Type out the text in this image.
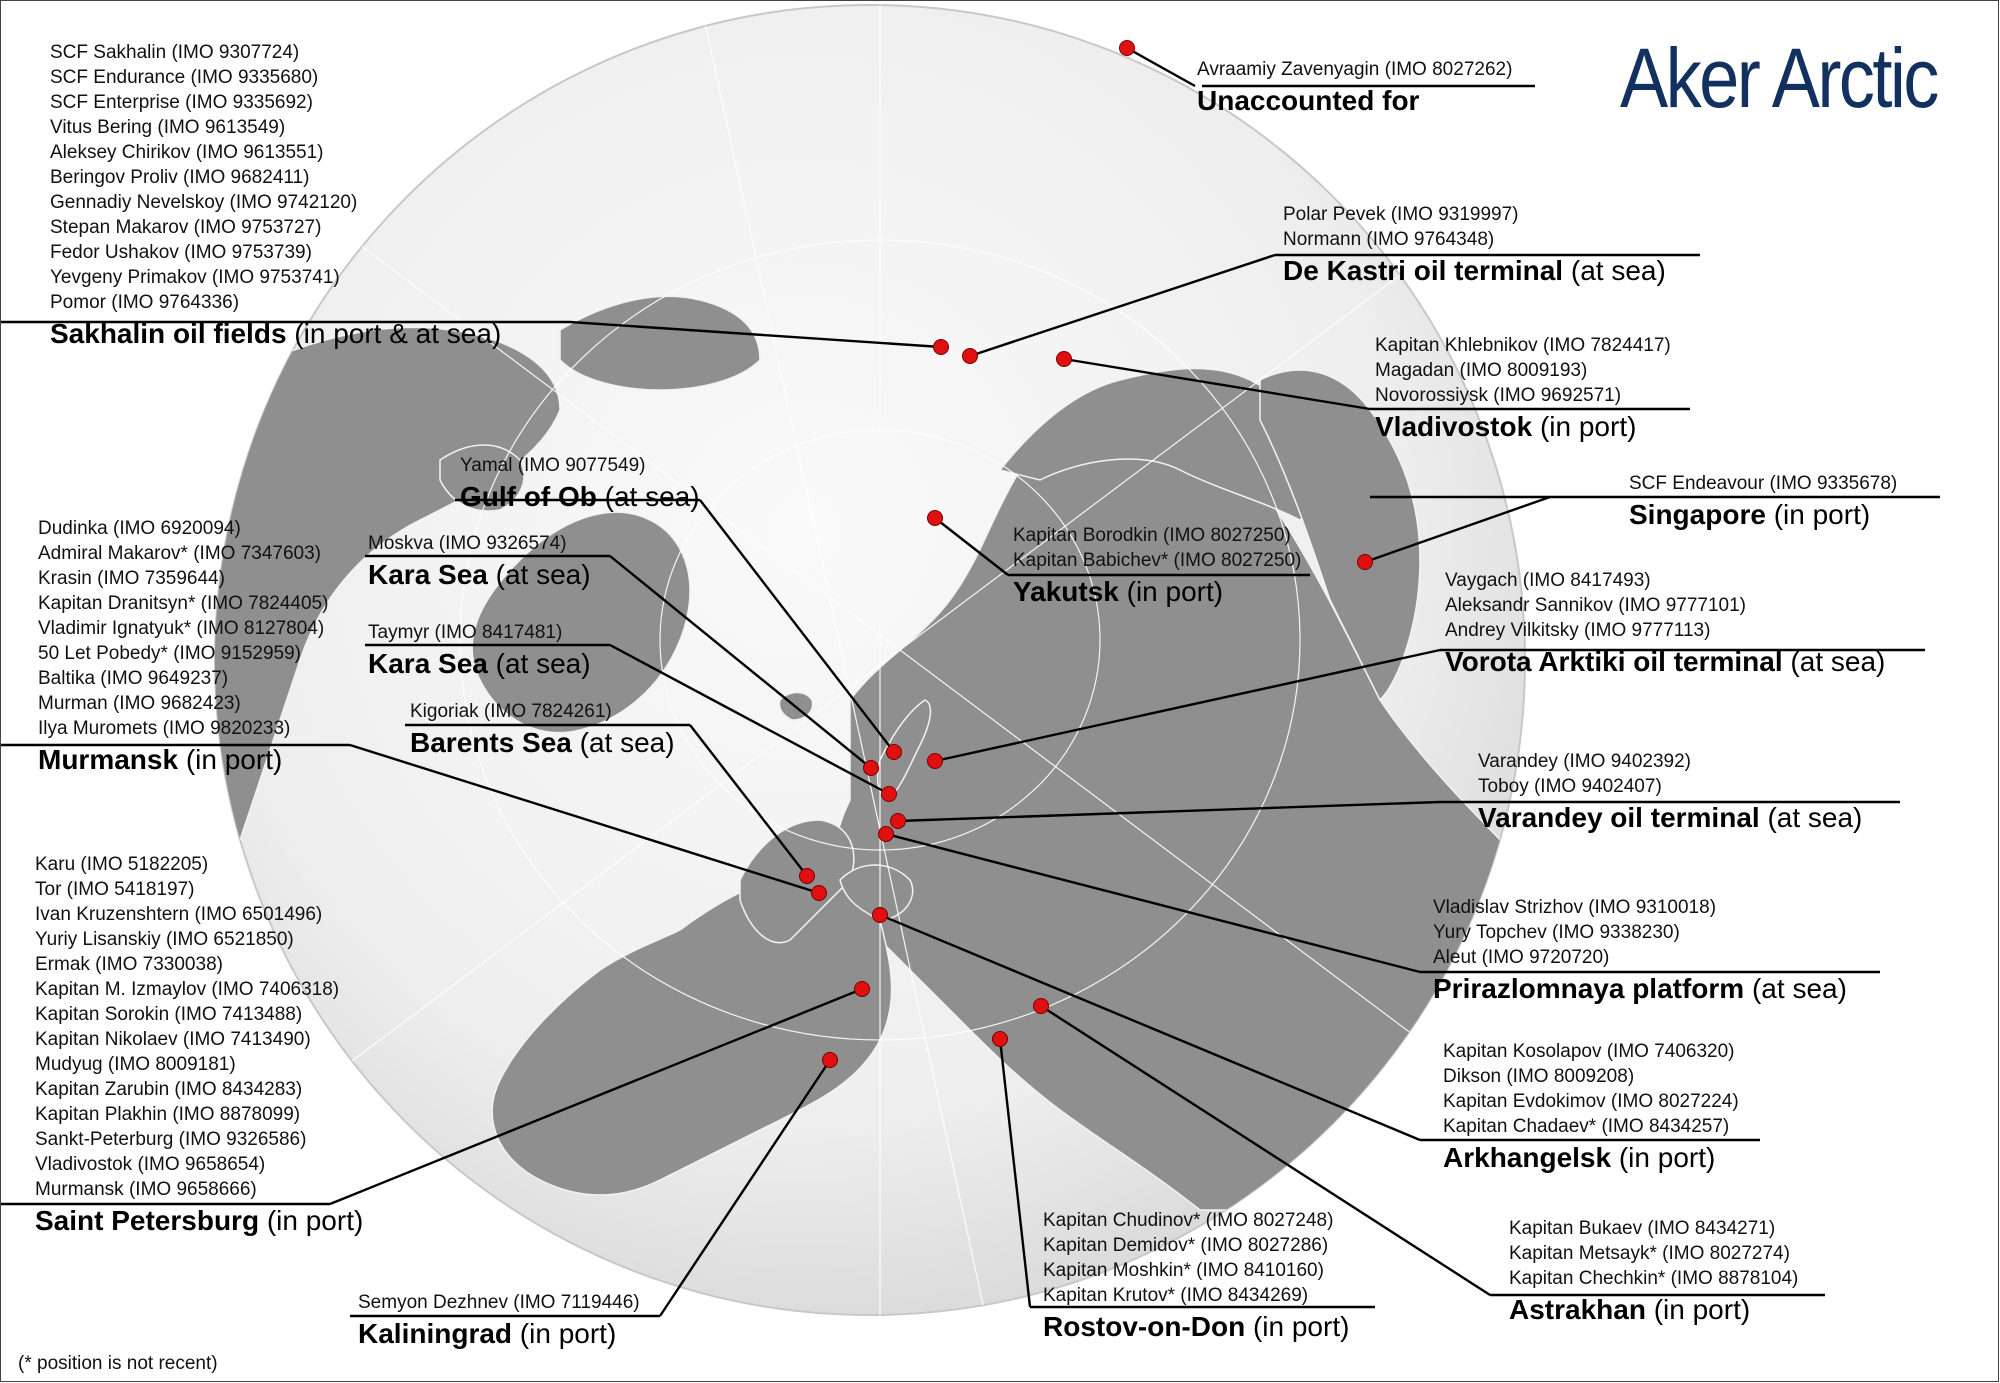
Aker Arctic
(* position is not recent)
Avraamiy Zavenyagin (IMO 8027262)
Unaccounted for
SCF Sakhalin (IMO 9307724)
SCF Endurance (IMO 9335680)
SCF Enterprise (IMO 9335692)
Vitus Bering (IMO 9613549)
Aleksey Chirikov (IMO 9613551)
Beringov Proliv (IMO 9682411)
Gennadiy Nevelskoy (IMO 9742120)
Stepan Makarov (IMO 9753727)
Fedor Ushakov (IMO 9753739)
Yevgeny Primakov (IMO 9753741)
Pomor (IMO 9764336)
Sakhalin oil fields (in port & at sea)
Polar Pevek (IMO 9319997)
Normann (IMO 9764348)
De Kastri oil terminal (at sea)
Kapitan Khlebnikov (IMO 7824417)
Magadan (IMO 8009193)
Novorossiysk (IMO 9692571)
Vladivostok (in port)
Yamal (IMO 9077549)
Gulf of Ob (at sea)	SCF Endeavour (IMO 9335678)
Singapore (in port)
Moskva (IMO 9326574)
Kara Sea (at sea)
Kapitan Borodkin (IMO 8027250)
Kapitan Babichev* (IMO 8027250)
Yakutsk (in port)
Taymyr (IMO 8417481)
Kara Sea (at sea)
Vaygach (IMO 8417493)
Aleksandr Sannikov (IMO 9777101)
Andrey Vilkitsky (IMO 9777113)
Vorota Arktiki oil terminal (at sea)
Kigoriak (IMO 7824261)
Barents Sea (at sea)
Dudinka (IMO 6920094)
Admiral Makarov* (IMO 7347603)
Krasin (IMO 7359644)
Kapitan Dranitsyn* (IMO 7824405)
Vladimir Ignatyuk* (IMO 8127804)
50 Let Pobedy* (IMO 9152959)
Baltika (IMO 9649237)
Murman (IMO 9682423)
Ilya Muromets (IMO 9820233)
Murmansk (in port)	Varandey (IMO 9402392)
Toboy (IMO 9402407)
Varandey oil terminal (at sea)
Vladislav Strizhov (IMO 9310018)
Yury Topchev (IMO 9338230)
Aleut (IMO 9720720)
Prirazlomnaya platform (at sea)
Karu (IMO 5182205)
Tor (IMO 5418197)
Ivan Kruzenshtern (IMO 6501496)
Yuriy Lisanskiy (IMO 6521850)
Ermak (IMO 7330038)
Kapitan M. Izmaylov (IMO 7406318)
Kapitan Sorokin (IMO 7413488)
Kapitan Nikolaev (IMO 7413490)
Mudyug (IMO 8009181)
Kapitan Zarubin (IMO 8434283)
Kapitan Plakhin (IMO 8878099)
Sankt-Peterburg (IMO 9326586)
Vladivostok (IMO 9658654)
Murmansk (IMO 9658666)
Saint Petersburg (in port)
Kapitan Kosolapov (IMO 7406320)
Dikson (IMO 8009208)
Kapitan Evdokimov (IMO 8027224)
Kapitan Chadaev* (IMO 8434257)
Arkhangelsk (in port)
Semyon Dezhnev (IMO 7119446)
Kaliningrad (in port)
Kapitan Chudinov* (IMO 8027248)
Kapitan Demidov* (IMO 8027286)
Kapitan Moshkin* (IMO 8410160)
Kapitan Krutov* (IMO 8434269)
Rostov-on-Don (in port)
Kapitan Bukaev (IMO 8434271)
Kapitan Metsayk* (IMO 8027274)
Kapitan Chechkin* (IMO 8878104)
Astrakhan (in port)
